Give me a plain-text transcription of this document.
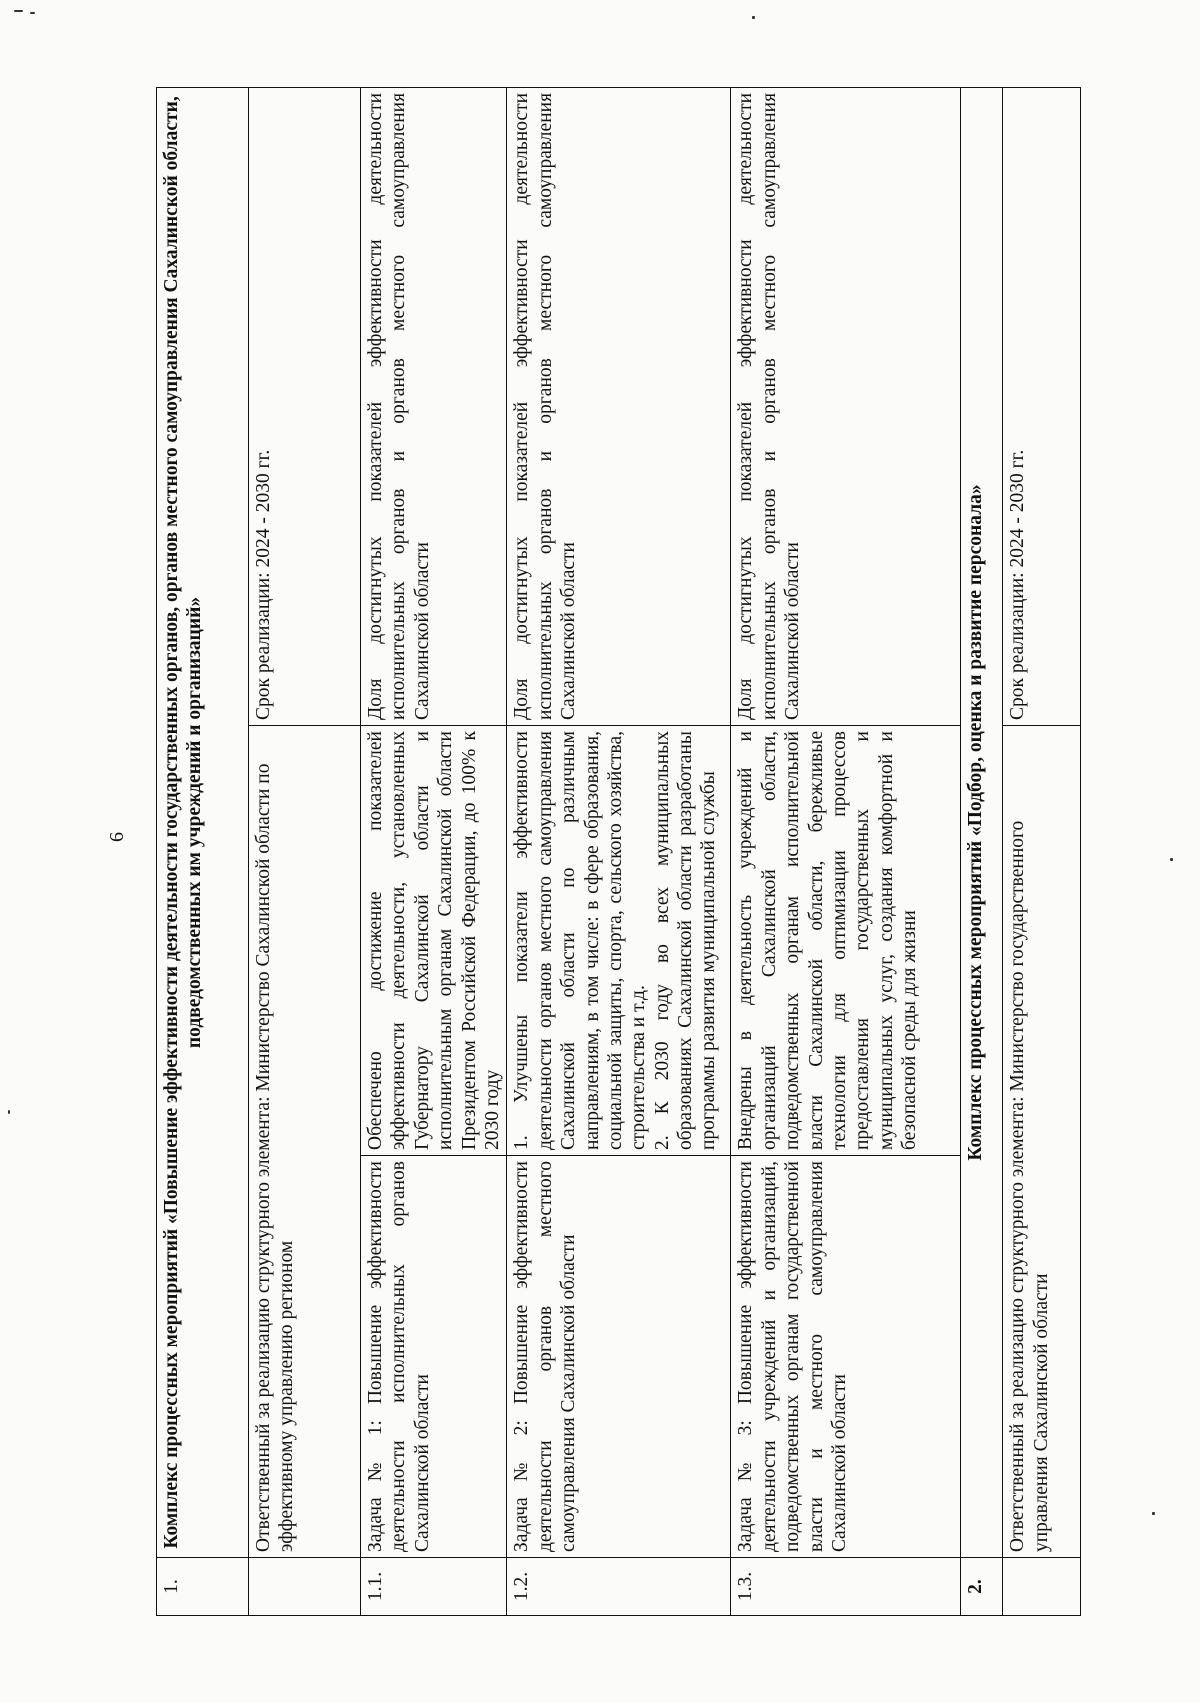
6
1.	Комплекс процессных мероприятий «Повышение эффективности деятельности государственных органов, органов местного самоуправления Сахалинской области, подведомственных им учреждений и организаций»		
	Ответственный за реализацию структурного элемента: Министерство Сахалинской области по эффективному управлению регионом		Срок реализации: 2024 - 2030 гг.
1.1.	Задача № 1: Повышение эффективности деятельности исполнительных органов Сахалинской области	Обеспечено достижение показателей эффективности деятельности, установленных Губернатору Сахалинской области и исполнительным органам Сахалинской области Президентом Российской Федерации, до 100% к 2030 году	Доля достигнутых показателей эффективности деятельности исполнительных органов и органов местного самоуправления Сахалинской области
1.2.	Задача № 2: Повышение эффективности деятельности органов местного самоуправления Сахалинской области	1. Улучшены показатели эффективности деятельности органов местного самоуправления Сахалинской области по различным направлениям, в том числе: в сфере образования, социальной защиты, спорта, сельского хозяйства, строительства и т.д. 2. К 2030 году во всех муниципальных образованиях Сахалинской области разработаны программы развития муниципальной службы	Доля достигнутых показателей эффективности деятельности исполнительных органов и органов местного самоуправления Сахалинской области
1.3.	Задача № 3: Повышение эффективности деятельности учреждений и организаций, подведомственных органам государственной власти и местного самоуправления Сахалинской области	Внедрены в деятельность учреждений и организаций Сахалинской области, подведомственных органам исполнительной власти Сахалинской области, бережливые технологии для оптимизации процессов предоставления государственных и муниципальных услуг, создания комфортной и безопасной среды для жизни	Доля достигнутых показателей эффективности деятельности исполнительных органов и органов местного самоуправления Сахалинской области
2.	Комплекс процессных мероприятий «Подбор, оценка и развитие персонала»		
	Ответственный за реализацию структурного элемента: Министерство государственного управления Сахалинской области		Срок реализации: 2024 - 2030 гг.
